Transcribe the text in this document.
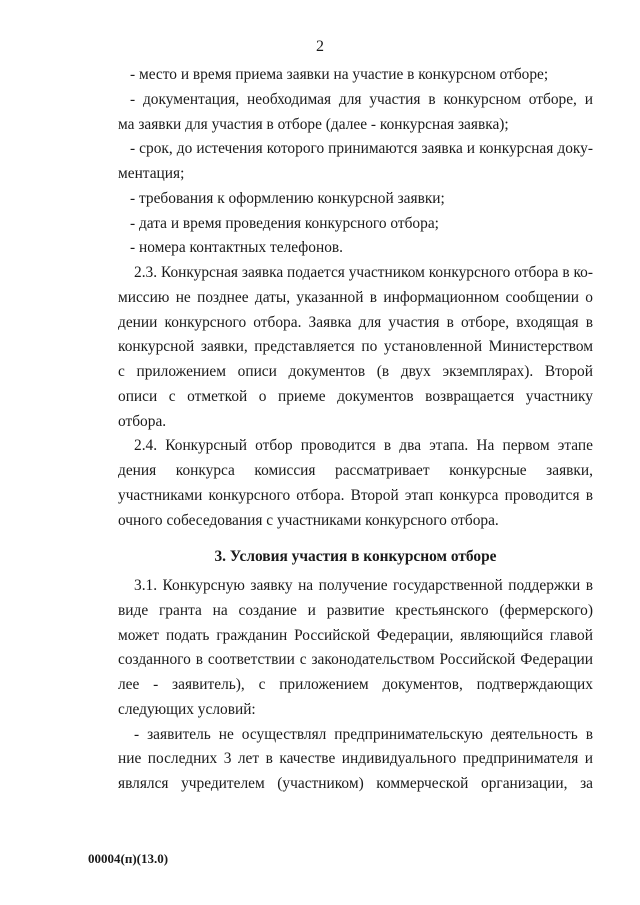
2
- место и время приема заявки на участие в конкурсном отборе;
- документация, необходимая для участия в конкурсном отборе, и
ма заявки для участия в отборе (далее - конкурсная заявка);
- срок, до истечения которого принимаются заявка и конкурсная доку-
ментация;
- требования к оформлению конкурсной заявки;
- дата и время проведения конкурсного отбора;
- номера контактных телефонов.
2.3. Конкурсная заявка подается участником конкурсного отбора в ко-
миссию не позднее даты, указанной в информационном сообщении о
дении конкурсного отбора. Заявка для участия в отборе, входящая в
конкурсной заявки, представляется по установленной Министерством
с приложением описи документов (в двух экземплярах). Второй
описи с отметкой о приеме документов возвращается участнику
отбора.
2.4. Конкурсный отбор проводится в два этапа. На первом этапе
дения конкурса комиссия рассматривает конкурсные заявки,
участниками конкурсного отбора. Второй этап конкурса проводится в
очного собеседования с участниками конкурсного отбора.
3. Условия участия в конкурсном отборе
3.1. Конкурсную заявку на получение государственной поддержки в
виде гранта на создание и развитие крестьянского (фермерского)
может подать гражданин Российской Федерации, являющийся главой
созданного в соответствии с законодательством Российской Федерации
лее - заявитель), с приложением документов, подтверждающих
следующих условий:
- заявитель не осуществлял предпринимательскую деятельность в
ние последних 3 лет в качестве индивидуального предпринимателя и
являлся учредителем (участником) коммерческой организации, за
00004(п)(13.0)
